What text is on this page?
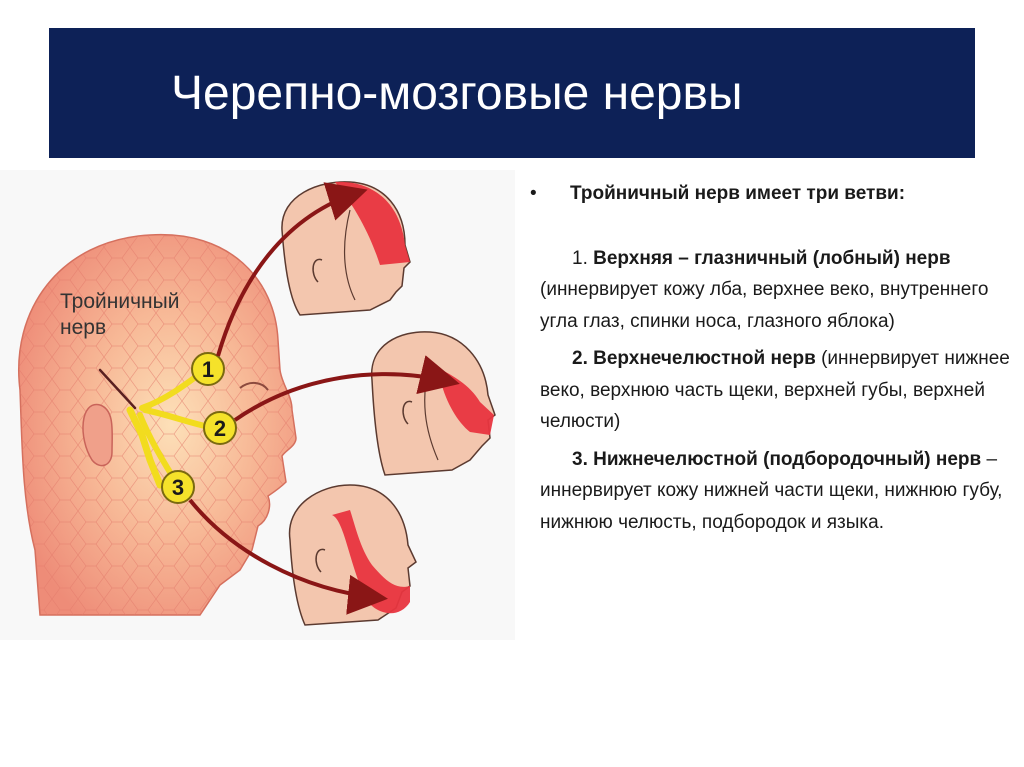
Черепно-мозговые нервы
1
2
3
Тройничный
нерв
• Тройничный нерв имеет три ветви:

1. Верхняя – глазничный (лобный) нерв (иннервирует кожу лба, верхнее веко, внутреннего угла глаз, спинки носа, глазного яблока)

2. Верхнечелюстной нерв (иннервирует нижнее веко, верхнюю часть щеки, верхней губы, верхней челюсти)

3. Нижнечелюстной (подбородочный) нерв – иннервирует кожу нижней части щеки, нижнюю губу, нижнюю челюсть, подбородок и языка.
